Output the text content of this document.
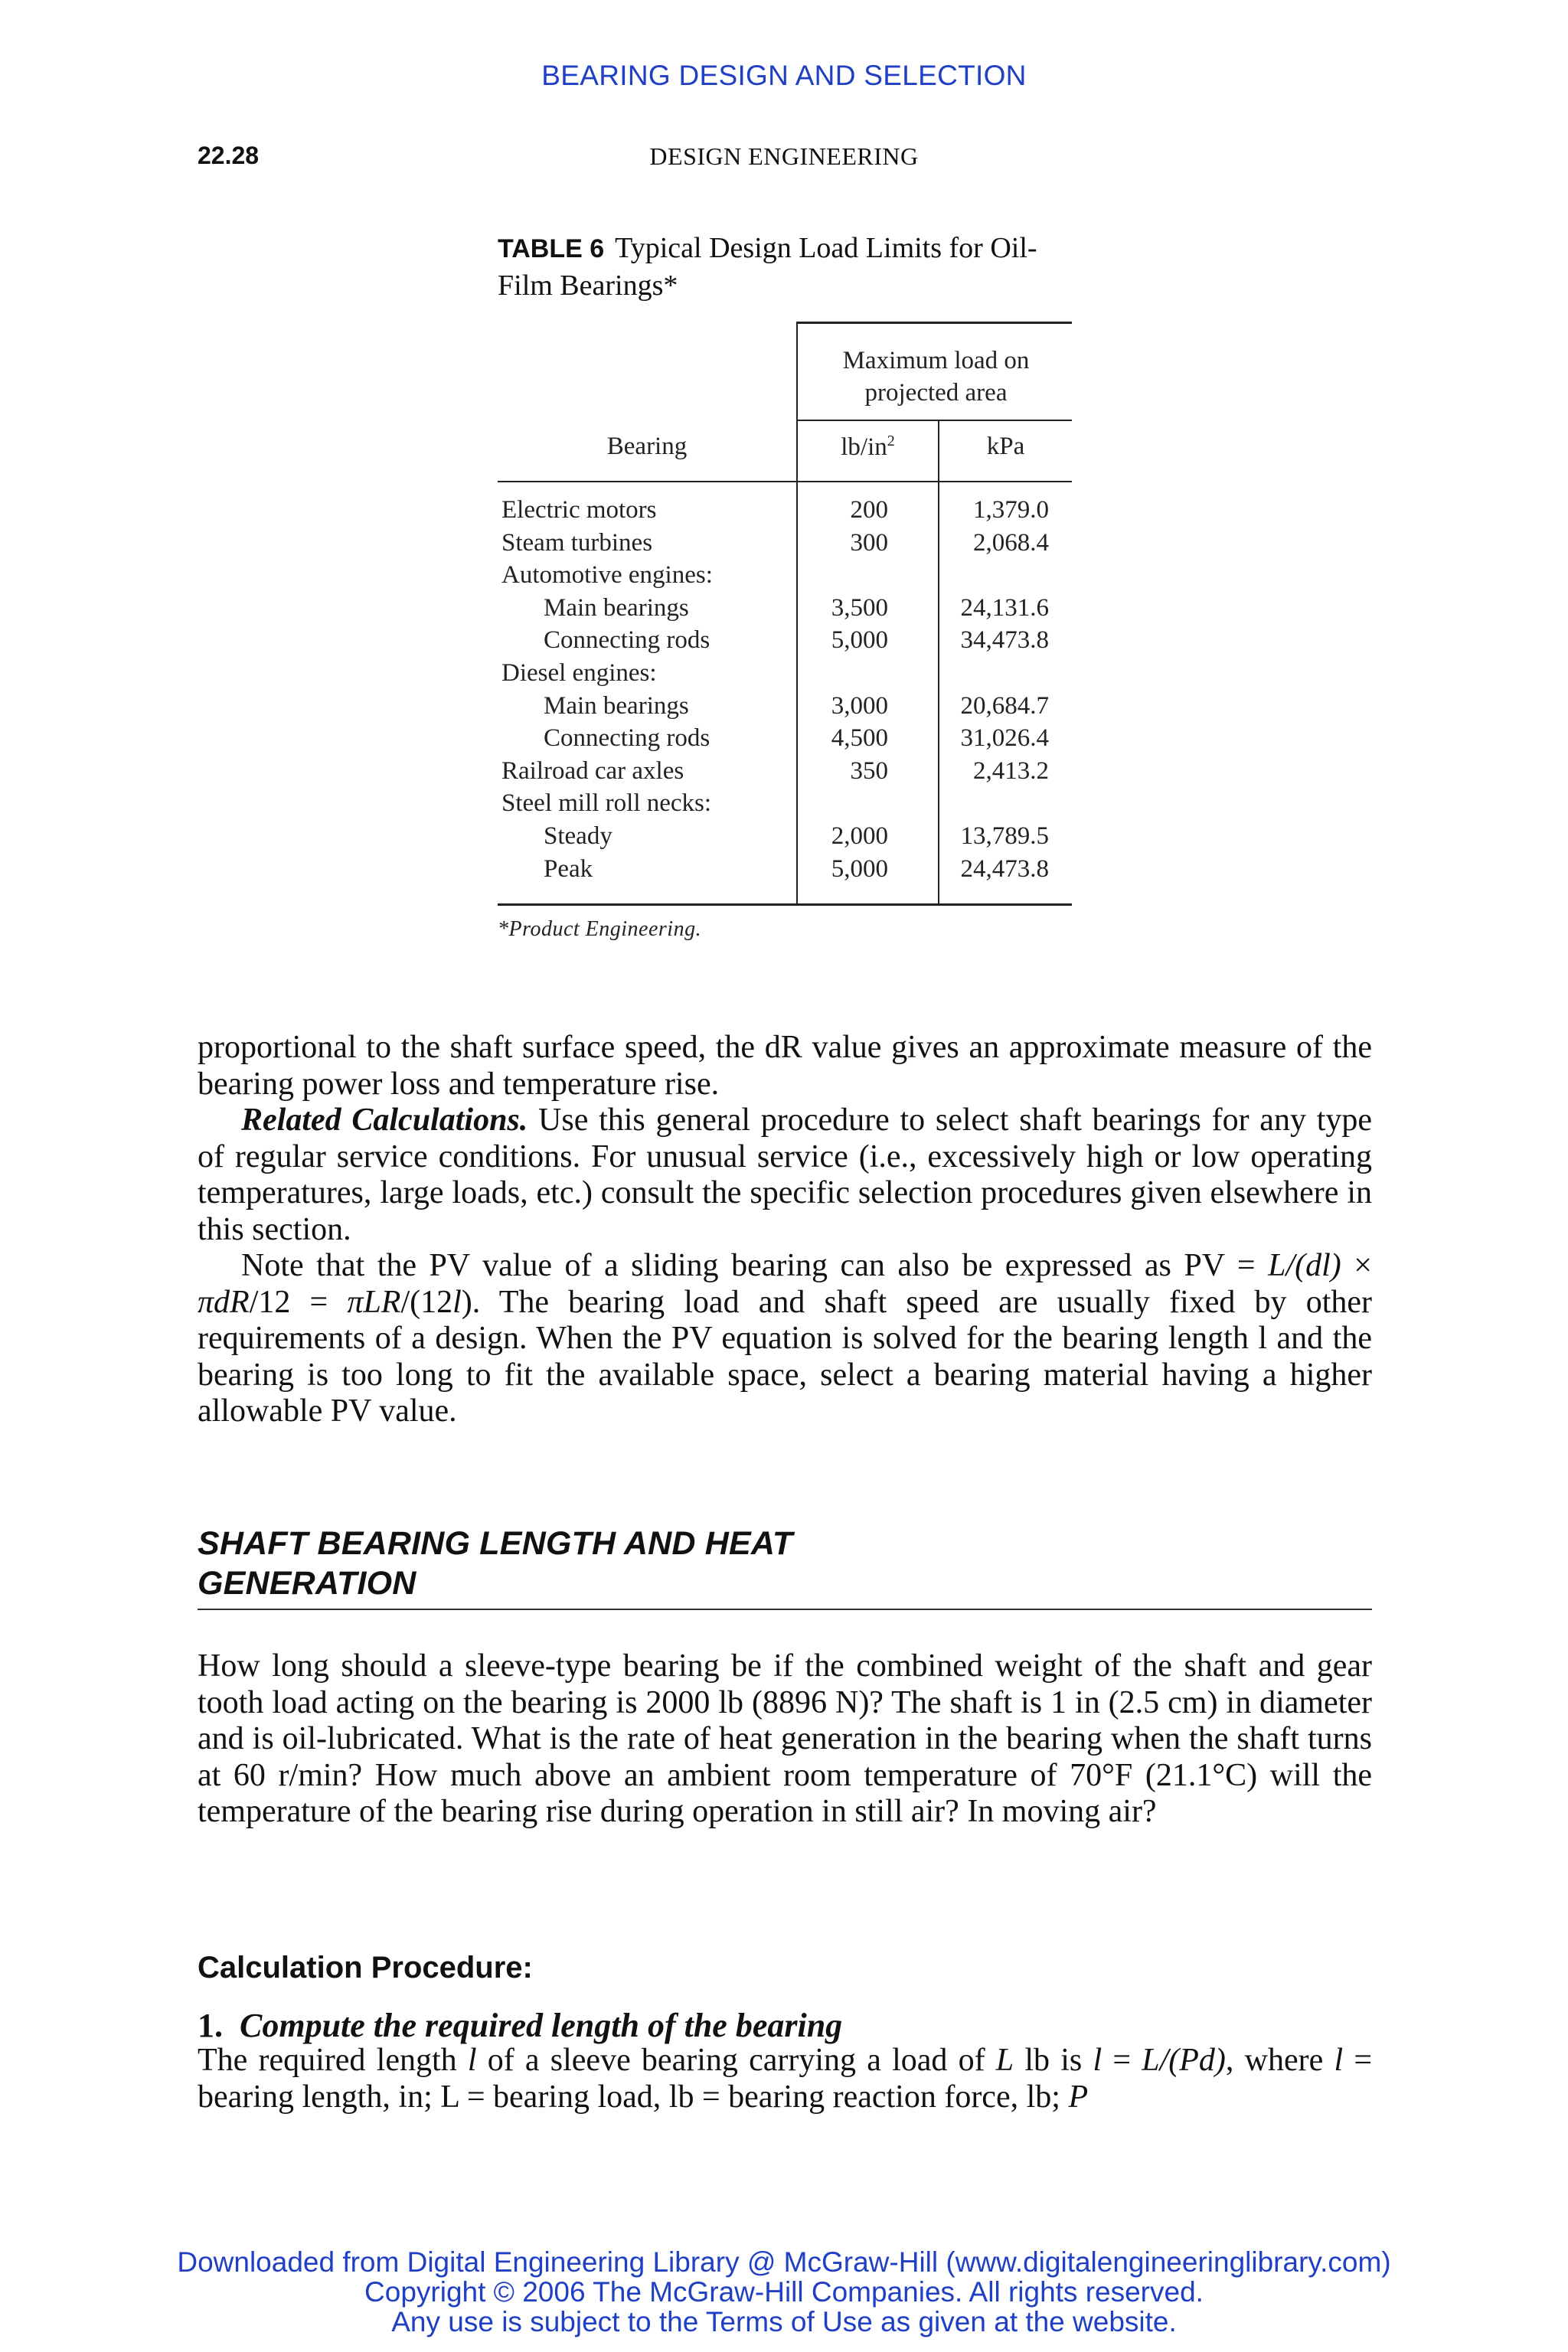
BEARING DESIGN AND SELECTION
22.28	DESIGN ENGINEERING
TABLE 6 Typical Design Load Limits for Oil-Film Bearings*
Maximum load on
projected area
Bearing	$lb/in^2$	kPa
Electric motors	200	1,379.0
Steam turbines	300	2,068.4
Automotive engines:
Main bearings	3,500	24,131.6
Connecting rods	5,000	34,473.8
Diesel engines:
Main bearings	3,000	20,684.7
Connecting rods	4,500	31,026.4
Railroad car axles	350	2,413.2
Steel mill roll necks:
Steady	2,000	13,789.5
Peak	5,000	24,473.8
*Product Engineering.

proportional to the shaft surface speed, the dR value gives an approximate measure of the bearing power loss and temperature rise.

Related Calculations. Use this general procedure to select shaft bearings for any type of regular service conditions. For unusual service (i.e., excessively high or low operating temperatures, large loads, etc.) consult the specific selection procedures given elsewhere in this section.

Note that the PV value of a sliding bearing can also be expressed as PV = L/(dl) × πdR/12 = πLR/(12l). The bearing load and shaft speed are usually fixed by other requirements of a design. When the PV equation is solved for the bearing length l and the bearing is too long to fit the available space, select a bearing material having a higher allowable PV value.

SHAFT BEARING LENGTH AND HEAT
GENERATION

How long should a sleeve-type bearing be if the combined weight of the shaft and gear tooth load acting on the bearing is 2000 lb (8896 N)? The shaft is 1 in (2.5 cm) in diameter and is oil-lubricated. What is the rate of heat generation in the bearing when the shaft turns at 60 r/min? How much above an ambient room temperature of 70°F (21.1°C) will the temperature of the bearing rise during operation in still air? In moving air?

Calculation Procedure:
1. Compute the required length of the bearing

The required length l of a sleeve bearing carrying a load of L lb is l = L/(Pd), where l = bearing length, in; L = bearing load, lb = bearing reaction force, lb; P

Downloaded from Digital Engineering Library @ McGraw-Hill (www.digitalengineeringlibrary.com)
Copyright © 2006 The McGraw-Hill Companies. All rights reserved.
Any use is subject to the Terms of Use as given at the website.
